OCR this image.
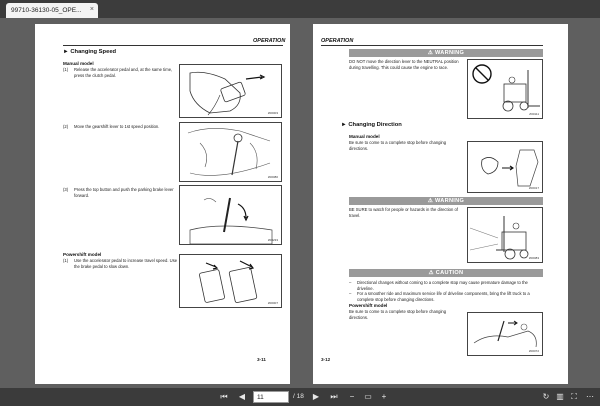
99710-36130-05_OPE... ×
OPERATION
► Changing Speed
Manual model
(1) Release the accelerator pedal and, at the same time,
press the clutch pedal.
Z00003
(2) Move the gearshift lever to 1st speed position.
Z00080
(3) Press the top button and push the parking brake lever
forward.
Z00233
Powershift model
(1) Use the accelerator pedal to increase travel speed. Use
the brake pedal to slow down.
Z00007
3-11
OPERATION
⚠ WARNING
DO NOT move the direction lever to the NEUTRAL position
during travelling. This could cause the engine to race.
Z00111
► Changing Direction
Manual model
Be sure to come to a complete stop before changing
directions.
Z00017
⚠ WARNING
BE SURE to watch for people or hazards in the direction of
travel.
Z00083
⚠ CAUTION
– Directional changes without coming to a complete stop may cause premature damage to the driveline.
– For a smoother ride and maximum service life of driveline components, bring the lift truck to a complete stop before changing directions.
Powershift model
Be sure to come to a complete stop before changing
directions.
Z00072
3-12
⏮	◀
11	/ 18	▶	⏭	−	▭	+	↻ ▥ ⛶	⋯
